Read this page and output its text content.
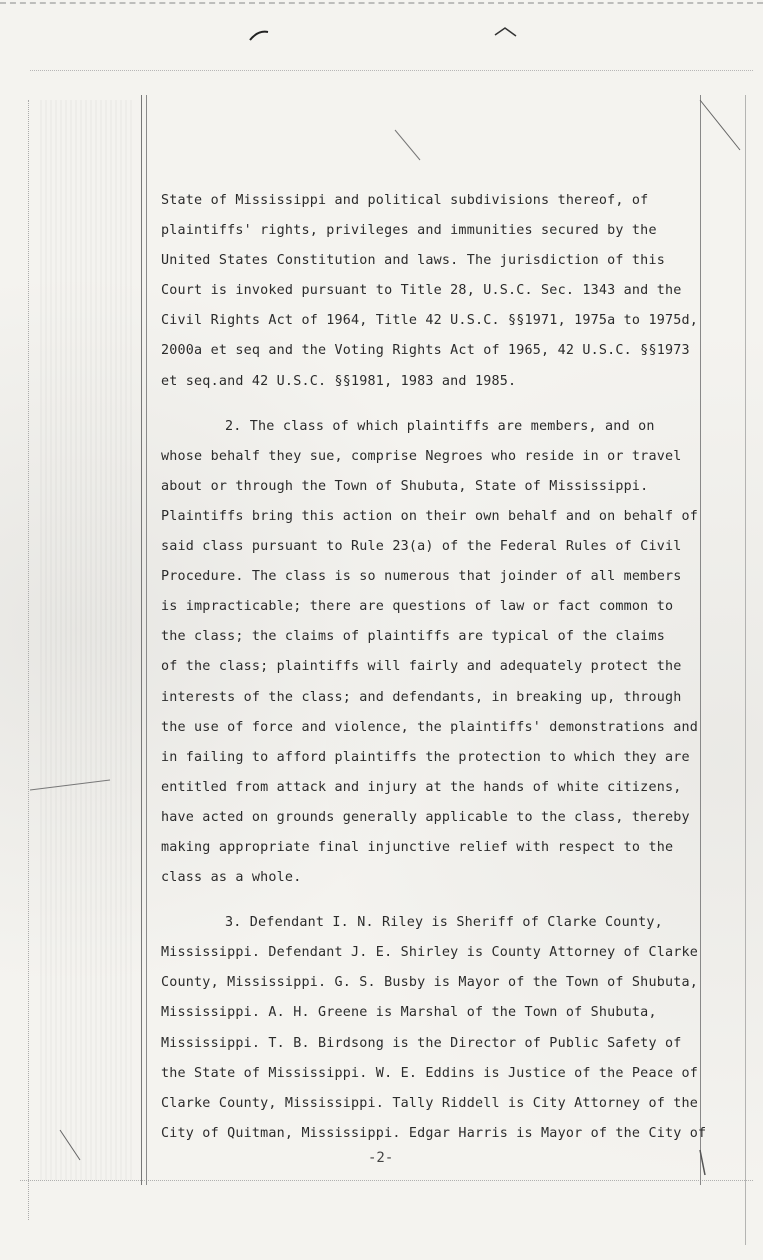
State of Mississippi and political subdivisions thereof, of
plaintiffs' rights, privileges and immunities secured by the
United States Constitution and laws. The jurisdiction of this
Court is invoked pursuant to Title 28, U.S.C. Sec. 1343 and the
Civil Rights Act of 1964, Title 42 U.S.C. §§1971, 1975a to 1975d,
2000a et seq and the Voting Rights Act of 1965, 42 U.S.C. §§1973
et seq.and 42 U.S.C. §§1981, 1983 and 1985.
2. The class of which plaintiffs are members, and on
whose behalf they sue, comprise Negroes who reside in or travel
about or through the Town of Shubuta, State of Mississippi.
Plaintiffs bring this action on their own behalf and on behalf of
said class pursuant to Rule 23(a) of the Federal Rules of Civil
Procedure. The class is so numerous that joinder of all members
is impracticable; there are questions of law or fact common to
the class; the claims of plaintiffs are typical of the claims
of the class; plaintiffs will fairly and adequately protect the
interests of the class; and defendants, in breaking up, through
the use of force and violence, the plaintiffs' demonstrations and
in failing to afford plaintiffs the protection to which they are
entitled from attack and injury at the hands of white citizens,
have acted on grounds generally applicable to the class, thereby
making appropriate final injunctive relief with respect to the
class as a whole.
3. Defendant I. N. Riley is Sheriff of Clarke County,
Mississippi. Defendant J. E. Shirley is County Attorney of Clarke
County, Mississippi. G. S. Busby is Mayor of the Town of Shubuta,
Mississippi. A. H. Greene is Marshal of the Town of Shubuta,
Mississippi. T. B. Birdsong is the Director of Public Safety of
the State of Mississippi. W. E. Eddins is Justice of the Peace of
Clarke County, Mississippi. Tally Riddell is City Attorney of the
City of Quitman, Mississippi. Edgar Harris is Mayor of the City of
-2-
